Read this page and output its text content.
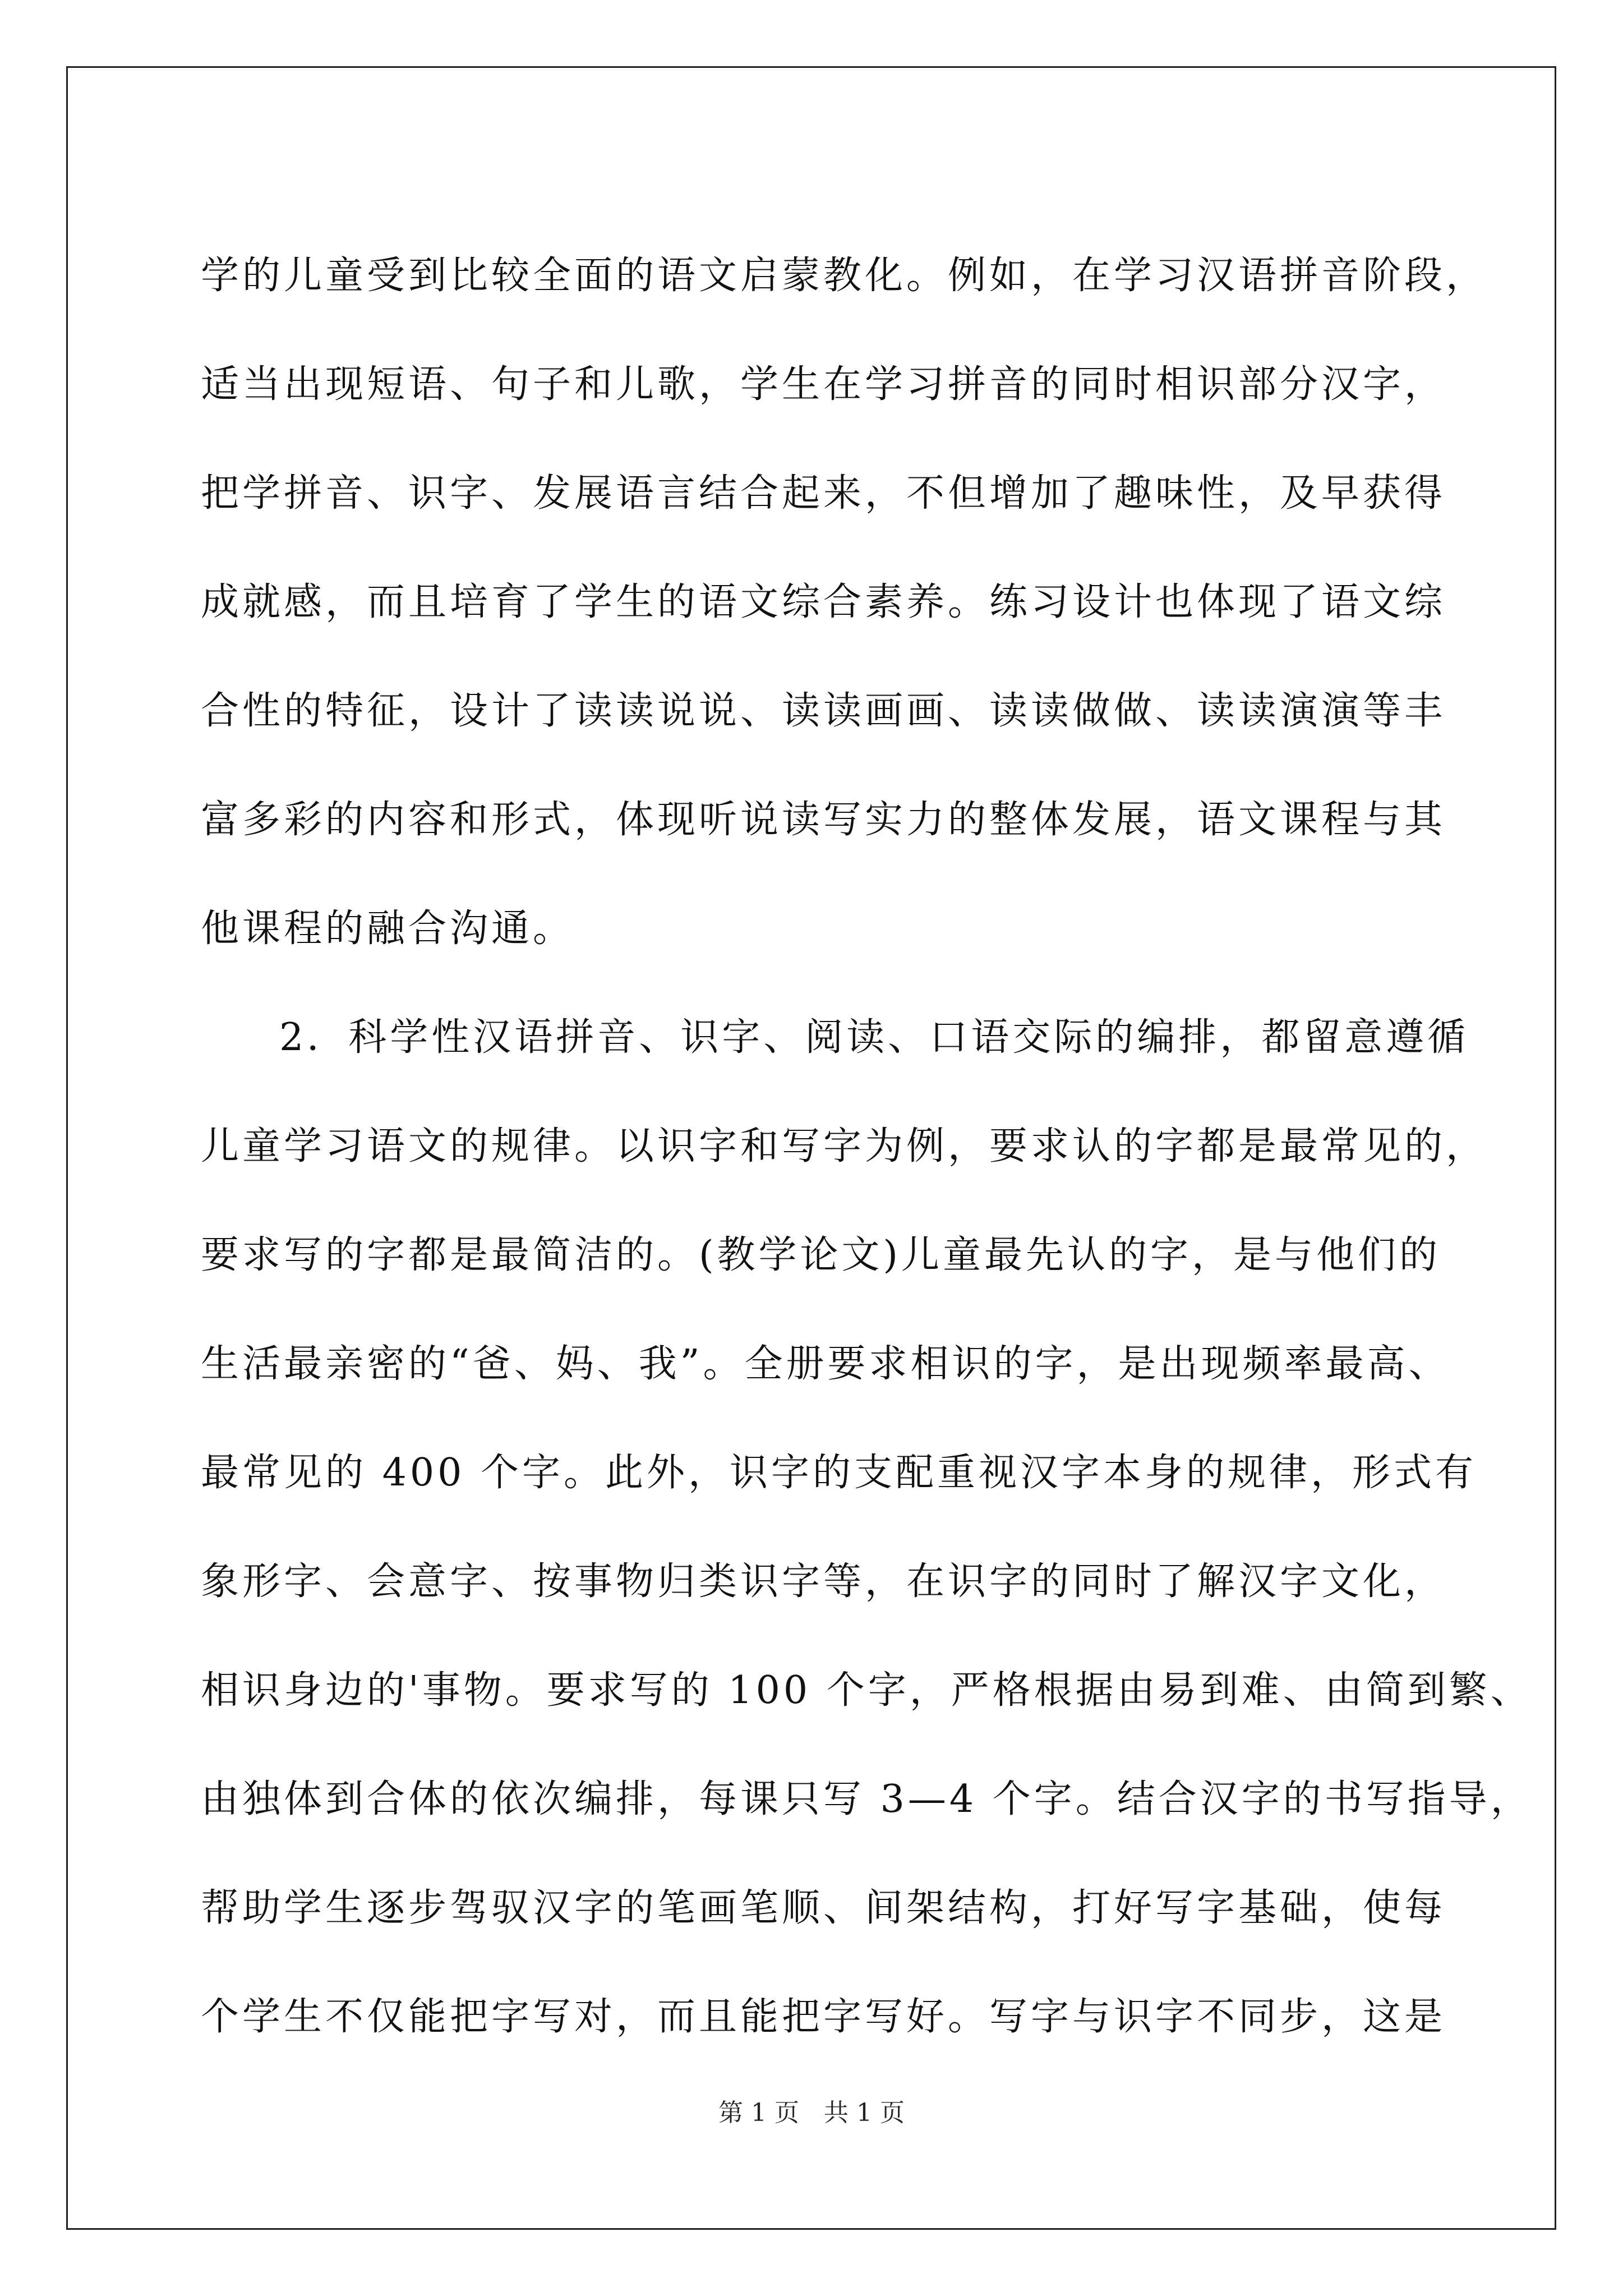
学的儿童受到比较全面的语文启蒙教化。例如，在学习汉语拼音阶段，
适当出现短语、句子和儿歌，学生在学习拼音的同时相识部分汉字，
把学拼音、识字、发展语言结合起来，不但增加了趣味性，及早获得
成就感，而且培育了学生的语文综合素养。练习设计也体现了语文综
合性的特征，设计了读读说说、读读画画、读读做做、读读演演等丰
富多彩的内容和形式，体现听说读写实力的整体发展，语文课程与其
他课程的融合沟通。
2．科学性汉语拼音、识字、阅读、口语交际的编排，都留意遵循
儿童学习语文的规律。以识字和写字为例，要求认的字都是最常见的，
要求写的字都是最简洁的。(教学论文)儿童最先认的字，是与他们的
生活最亲密的“爸、妈、我”。全册要求相识的字，是出现频率最高、
最常见的 400 个字。此外，识字的支配重视汉字本身的规律，形式有
象形字、会意字、按事物归类识字等，在识字的同时了解汉字文化，
相识身边的'事物。要求写的 100 个字，严格根据由易到难、由简到繁、
由独体到合体的依次编排，每课只写 3—4 个字。结合汉字的书写指导，
帮助学生逐步驾驭汉字的笔画笔顺、间架结构，打好写字基础，使每
个学生不仅能把字写对，而且能把字写好。写字与识字不同步，这是
第 1 页　共 1 页
